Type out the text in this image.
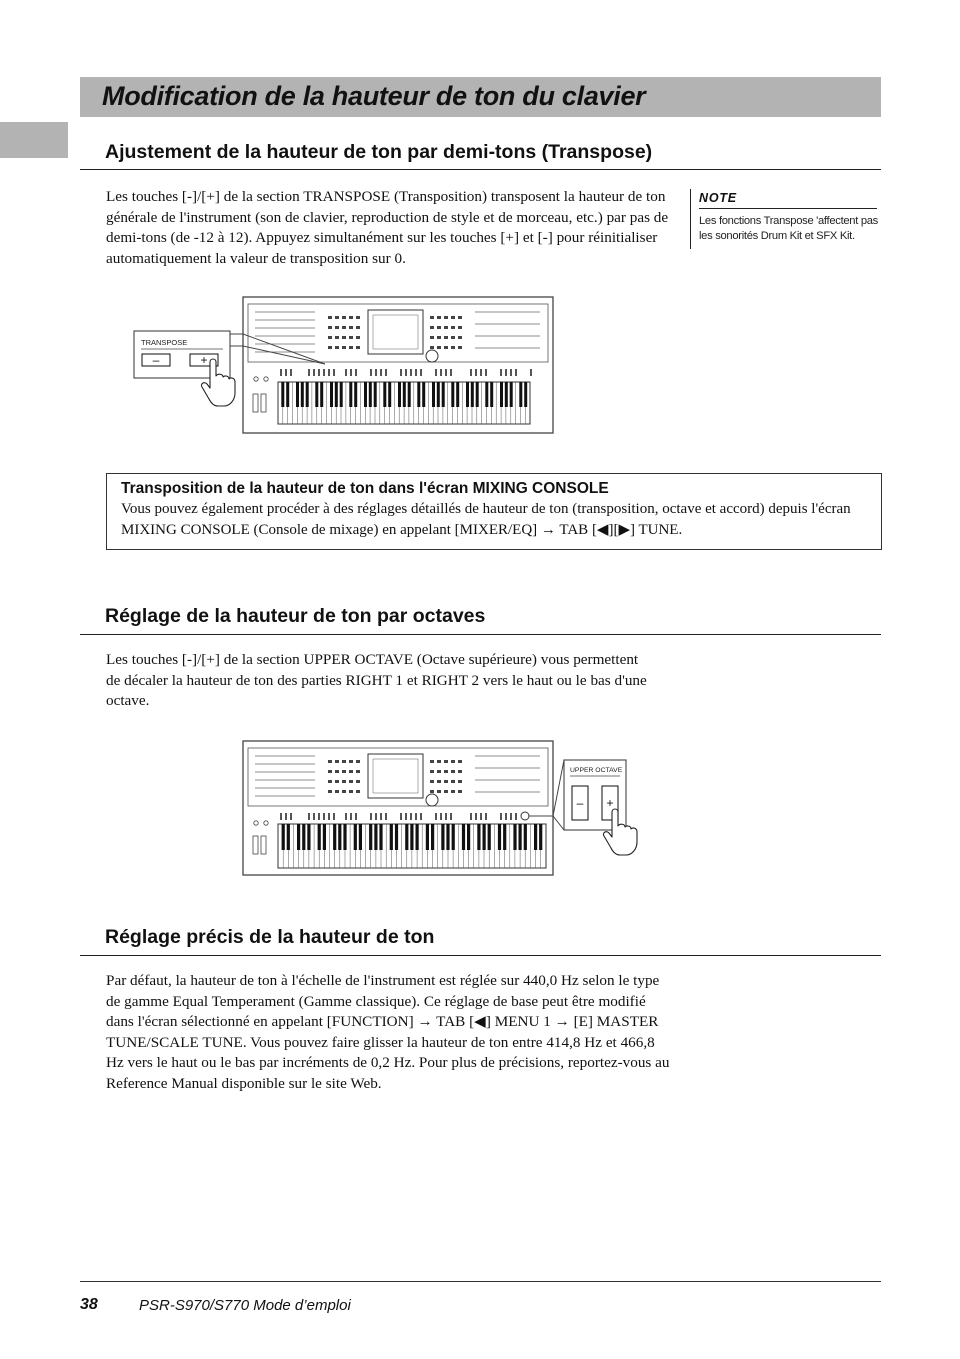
Modification de la hauteur de ton du clavier
Ajustement de la hauteur de ton par demi-tons (Transpose)

Les touches [-]/[+] de la section TRANSPOSE (Transposition) transposent la hauteur de ton générale de l'instrument (son de clavier, reproduction de style et de morceau, etc.) par pas de demi-tons (de -12 à 12). Appuyez simultanément sur les touches [+] et [-] pour réinitialiser automatiquement la valeur de transposition sur 0.

NOTE
Les fonctions Transpose 'affectent pas les sonorités Drum Kit et SFX Kit.
TRANSPOSE
–	+

Transposition de la hauteur de ton dans l'écran MIXING CONSOLE

Vous pouvez également procéder à des réglages détaillés de hauteur de ton (transposition, octave et accord) depuis l'écran MIXING CONSOLE (Console de mixage) en appelant [MIXER/EQ] → TAB [◀][▶] TUNE.

Réglage de la hauteur de ton par octaves

Les touches [-]/[+] de la section UPPER OCTAVE (Octave supérieure) vous permettent de décaler la hauteur de ton des parties RIGHT 1 et RIGHT 2 vers le haut ou le bas d'une octave.

UPPER OCTAVE
– +
Réglage précis de la hauteur de ton

Par défaut, la hauteur de ton à l'échelle de l'instrument est réglée sur 440,0 Hz selon le type de gamme Equal Temperament (Gamme classique). Ce réglage de base peut être modifié dans l'écran sélectionné en appelant [FUNCTION] → TAB [◀] MENU 1 → [E] MASTER TUNE/SCALE TUNE. Vous pouvez faire glisser la hauteur de ton entre 414,8 Hz et 466,8 Hz vers le haut ou le bas par incréments de 0,2 Hz. Pour plus de précisions, reportez-vous au Reference Manual disponible sur le site Web.

38	PSR-S970/S770 Mode d’emploi
